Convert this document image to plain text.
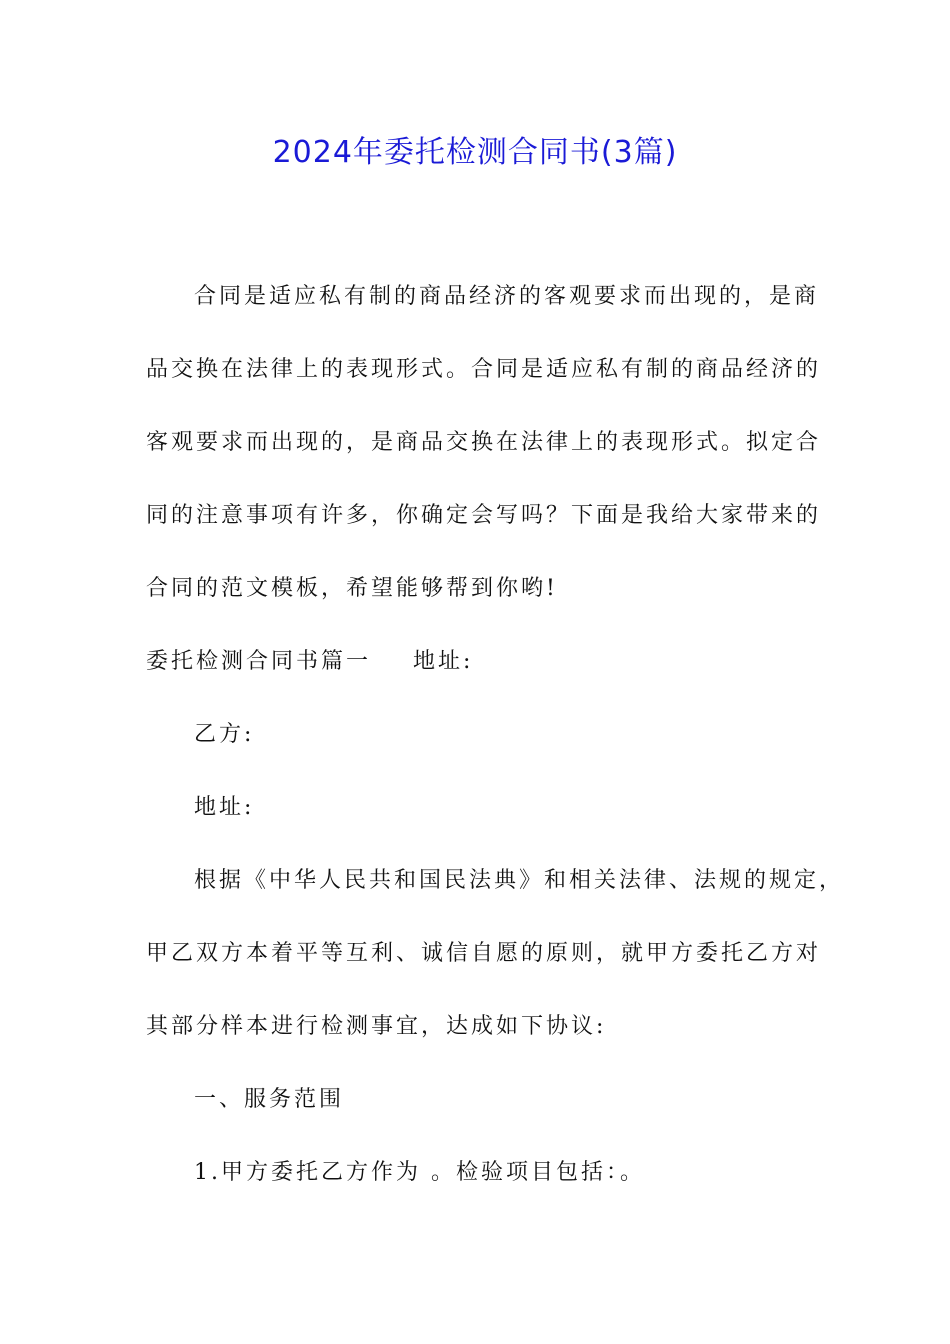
2024年委托检测合同书(3篇)

合同是适应私有制的商品经济的客观要求而出现的，是商
品交换在法律上的表现形式。合同是适应私有制的商品经济的
客观要求而出现的，是商品交换在法律上的表现形式。拟定合
同的注意事项有许多，你确定会写吗？下面是我给大家带来的
合同的范文模板，希望能够帮到你哟!

委托检测合同书篇一 地址:

乙方:

地址:

根据《中华人民共和国民法典》和相关法律、法规的规定，
甲乙双方本着平等互利、诚信自愿的原则，就甲方委托乙方对
其部分样本进行检测事宜，达成如下协议:

一、服务范围

1.甲方委托乙方作为 。检验项目包括：。
